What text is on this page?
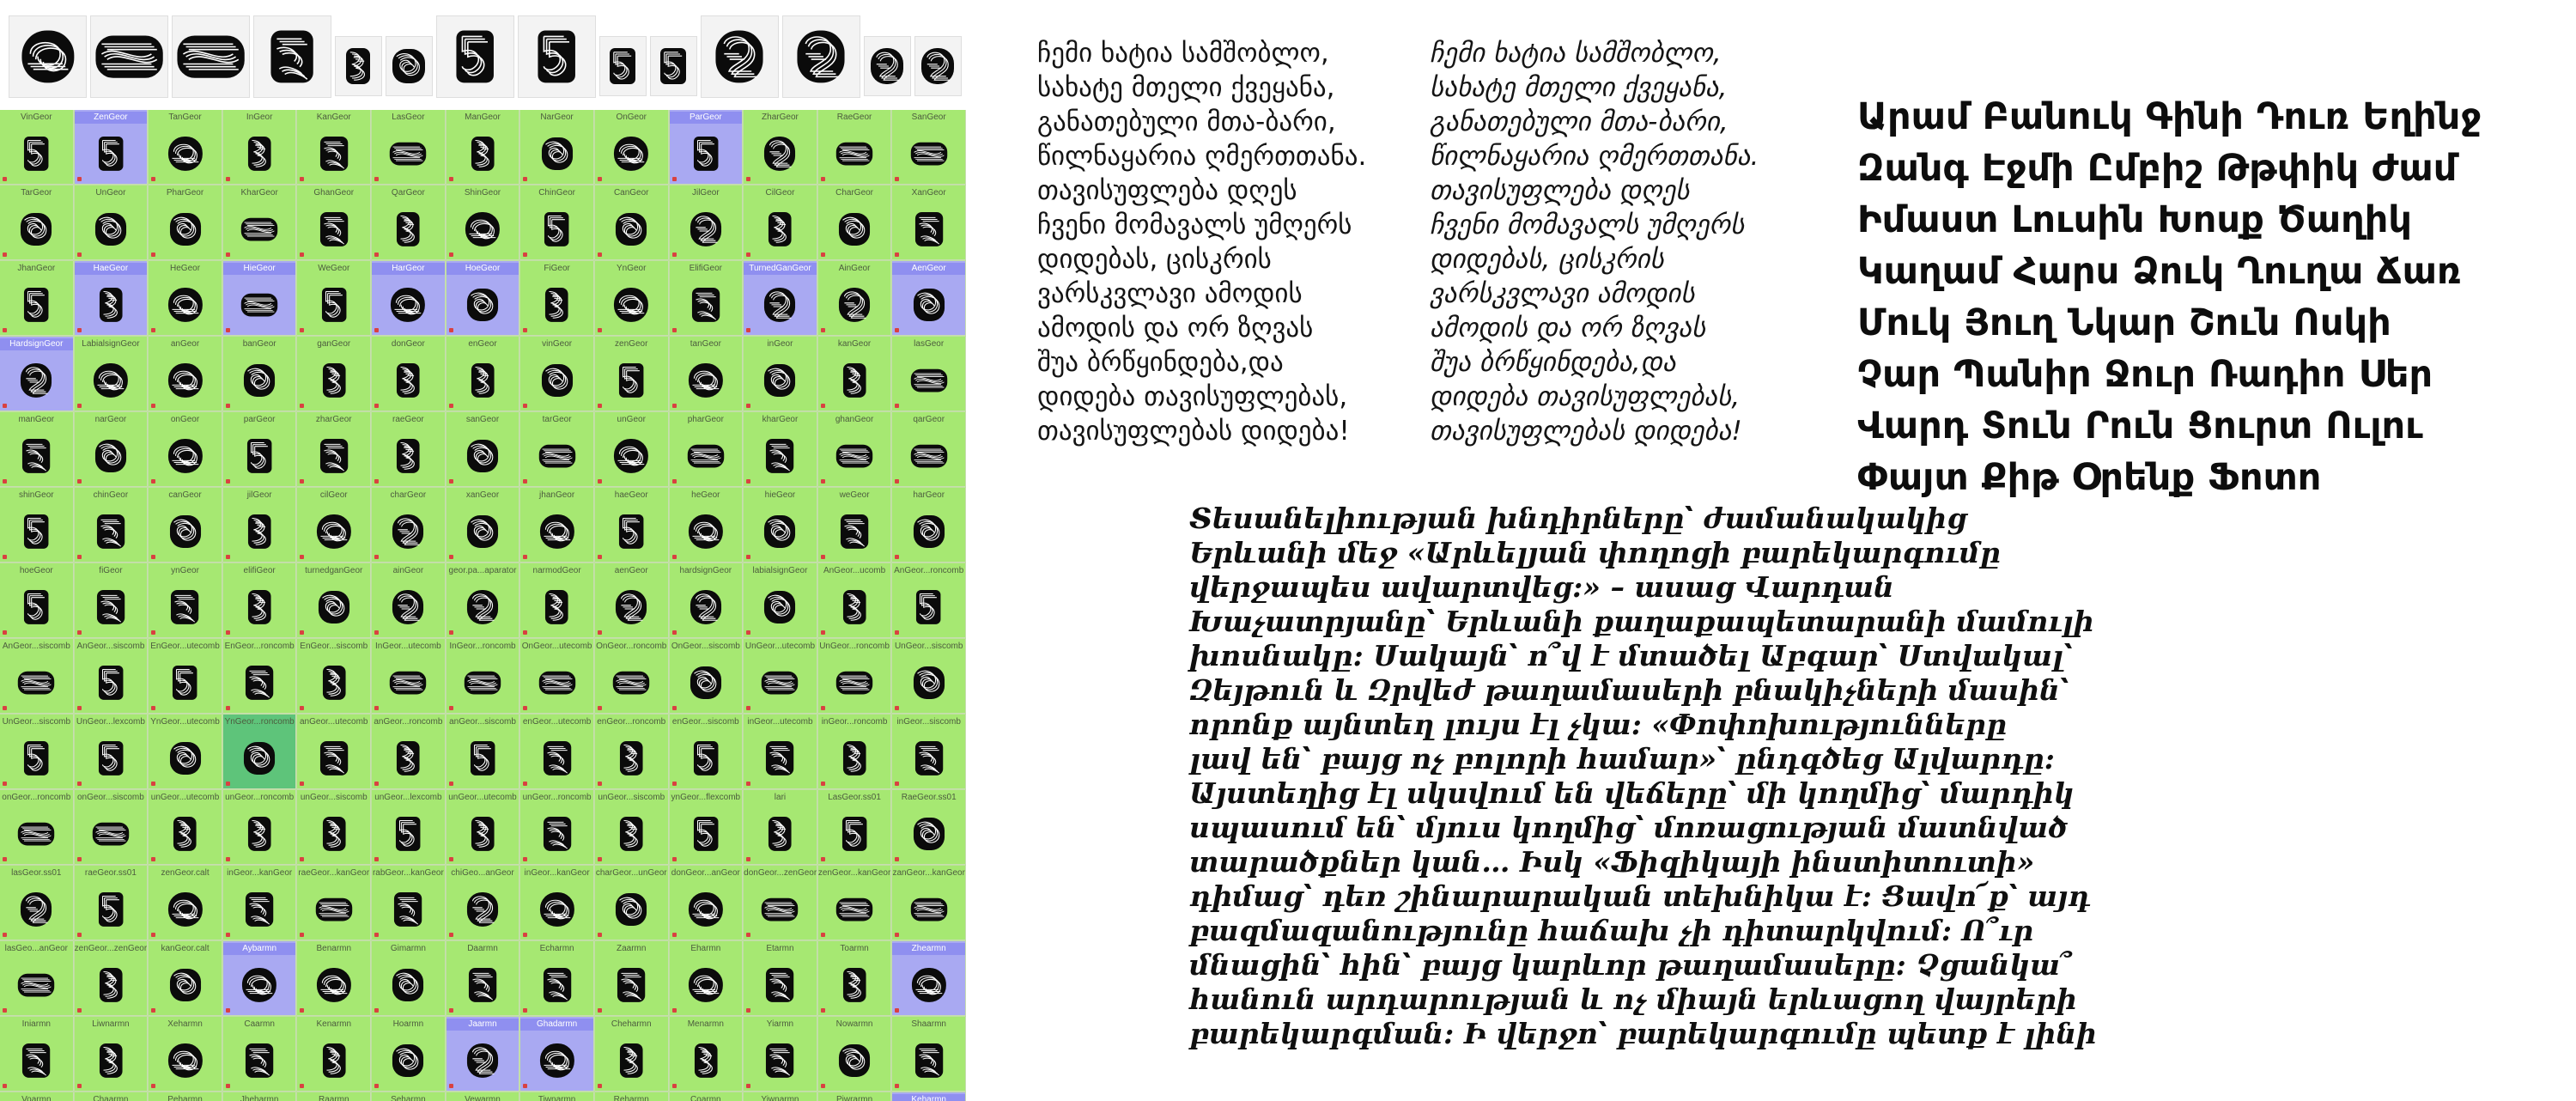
VinGeor	ZenGeor	TanGeor	InGeor	KanGeor	LasGeor	ManGeor	NarGeor	OnGeor	ParGeor	ZharGeor	RaeGeor	SanGeor
TarGeor	UnGeor	PharGeor	KharGeor	GhanGeor	QarGeor	ShinGeor	ChinGeor	CanGeor	JilGeor	CilGeor	CharGeor	XanGeor
JhanGeor	HaeGeor	HeGeor	HieGeor	WeGeor	HarGeor	HoeGeor	FiGeor	YnGeor	ElifiGeor	TurnedGanGeor	AinGeor	AenGeor
HardsignGeor	LabialsignGeor	anGeor	banGeor	ganGeor	donGeor	enGeor	vinGeor	zenGeor	tanGeor	inGeor	kanGeor	lasGeor
manGeor	narGeor	onGeor	parGeor	zharGeor	raeGeor	sanGeor	tarGeor	unGeor	pharGeor	kharGeor	ghanGeor	qarGeor
shinGeor	chinGeor	canGeor	jilGeor	cilGeor	charGeor	xanGeor	jhanGeor	haeGeor	heGeor	hieGeor	weGeor	harGeor
hoeGeor	fiGeor	ynGeor	elifiGeor	turnedganGeor	ainGeor	geor.pa...aparator	narmodGeor	aenGeor	hardsignGeor	labialsignGeor	AnGeor...ucomb AnGeor...roncomb
AnGeor...siscomb AnGeor...siscomb EnGeor...utecomb EnGeor...roncomb EnGeor...siscomb InGeor...utecomb InGeor...roncomb OnGeor...utecomb OnGeor...roncomb OnGeor...siscomb UnGeor...utecomb UnGeor...roncomb UnGeor...siscomb
UnGeor...siscomb UnGeor...lexcomb YnGeor...utecomb YnGeor...roncomb anGeor...utecomb anGeor...roncomb anGeor...siscomb enGeor...utecomb enGeor...roncomb enGeor...siscomb inGeor...utecomb	inGeor...roncomb	inGeor...siscomb
onGeor...roncomb onGeor...siscomb unGeor...utecomb unGeor...roncomb unGeor...siscomb unGeor...lexcomb unGeor...utecomb unGeor...roncomb unGeor...siscomb ynGeor...flexcomb	lari	LasGeor.ss01	RaeGeor.ss01
lasGeor.ss01	raeGeor.ss01	zenGeor.calt	inGeor...kanGeor raeGeor...kanGeor rabGeor...kanGeor chiGeo...anGeor	inGeor...kanGeor charGeor...unGeor donGeor...anGeor donGeor...zenGeor zenGeor...kanGeor zanGeor...kanGeor
lasGeo...anGeor zenGeor...zenGeor	kanGeor.calt	Aybarmn	Benarmn	Gimarmn	Daarmn	Echarmn	Zaarmn	Eharmn	Etarmn	Toarmn	Zhearmn
Iniarmn	Liwnarmn	Xeharmn	Caarmn	Kenarmn	Hoarmn	Jaarmn	Ghadarmn	Cheharmn	Menarmn	Yiarmn	Nowarmn	Shaarmn
Voarmn	Chaarmn	Peharmn	Jheharmn	Raarmn	Seharmn	Vewarmn	Tiwnarmn	Reharmn	Coarmn	Yiwnarmn	Piwrarmn	Keharmn
ჩემი ხატია სამშობლო,
სახატე მთელი ქვეყანა,
განათებული მთა-ბარი,
წილნაყარია ღმერთთანა.
თავისუფლება დღეს
ჩვენი მომავალს უმღერს
დიდებას, ცისკრის
ვარსკვლავი ამოდის
ამოდის და ორ ზღვას
შუა ბრწყინდება,და
დიდება თავისუფლებას,
თავისუფლებას დიდება!
ჩემი ხატია სამშობლო,
სახატე მთელი ქვეყანა,
განათებული მთა-ბარი,
წილნაყარია ღმერთთანა.
თავისუფლება დღეს
ჩვენი მომავალს უმღერს
დიდებას, ცისკრის
ვარსკვლავი ამოდის
ამოდის და ორ ზღვას
შუა ბრწყინდება,და
დიდება თავისუფლებას,
თავისუფლებას დიდება!
Արամ Բանուկ Գինի Դուռ Եղինջ
Զանգ Էջմի Ըմբիշ Թթփիկ Ժամ
Իմաստ Լուսին Խոսք Ծաղիկ
Կաղամ Հարս Ձուկ Ղուղա Ճառ
Մուկ Յուղ Նկար Շուն Ոսկի
Չար Պանիր Ջուր Ռադիո Սեր
Վարդ Տուն Րուն Ցուրտ Ուլու
Փայտ Քիթ Օրենք Ֆոտո
Տեսանելիության խնդիրները՝ ժամանակակից
Երևանի մեջ «Արևելյան փողոցի բարեկարգումը
վերջապես ավարտվեց:» – ասաց Վարդան
Խաչատրյանը՝ Երևանի քաղաքապետարանի մամուլի
խոսնակը: Սակայն՝ ո՞վ է մտածել Աբգար՝ Ստվակալ՝
Զեյթուն և Զրվեժ թաղամասերի բնակիչների մասին՝
որոնք այնտեղ լույս էլ չկա: «Փոփոխությունները
լավ են՝ բայց ոչ բոլորի համար»՝ ընդգծեց Ալվարդը:
Այստեղից էլ սկսվում են վեճերը՝ մի կողմից՝ մարդիկ
սպասում են՝ մյուս կողմից՝ մոռացության մատնված
տարածքներ կան… Իսկ «Ֆիզիկայի ինստիտուտի»
դիմաց՝ դեռ շինարարական տեխնիկա է: Ցավո՜ք՝ այդ
բազմազանությունը հաճախ չի դիտարկվում: Ո՞ւր
մնացին՝ հին՝ բայց կարևոր թաղամասերը: Չցանկա՞
հանուն արդարության և ոչ միայն երևացող վայրերի
բարեկարգման: Ի վերջո՝ բարեկարգումը պետք է լինի
